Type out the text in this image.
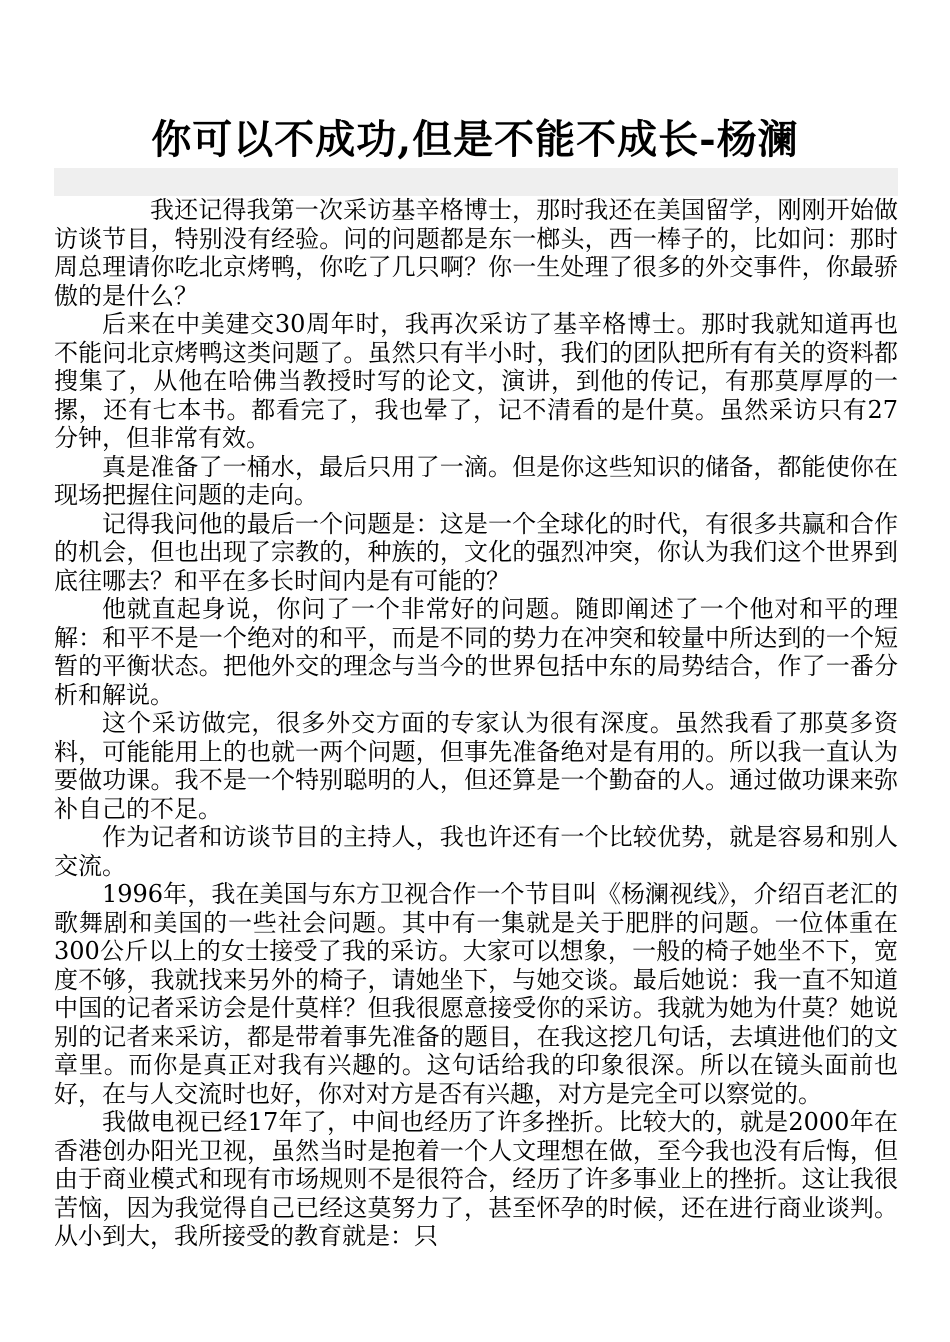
你可以不成功,但是不能不成长-杨澜

我还记得我第一次采访基辛格博士，那时我还在美国留学，刚刚开始做访谈节目，特别没有经验。问的问题都是东一榔头，西一棒子的，比如问：那时周总理请你吃北京烤鸭，你吃了几只啊？你一生处理了很多的外交事件，你最骄傲的是什么？

后来在中美建交30周年时，我再次采访了基辛格博士。那时我就知道再也不能问北京烤鸭这类问题了。虽然只有半小时，我们的团队把所有有关的资料都搜集了，从他在哈佛当教授时写的论文，演讲，到他的传记，有那莫厚厚的一摞，还有七本书。都看完了，我也晕了，记不清看的是什莫。虽然采访只有27分钟，但非常有效。

真是准备了一桶水，最后只用了一滴。但是你这些知识的储备，都能使你在现场把握住问题的走向。

记得我问他的最后一个问题是：这是一个全球化的时代，有很多共赢和合作的机会，但也出现了宗教的，种族的，文化的强烈冲突，你认为我们这个世界到底往哪去？和平在多长时间内是有可能的？

他就直起身说，你问了一个非常好的问题。随即阐述了一个他对和平的理解：和平不是一个绝对的和平，而是不同的势力在冲突和较量中所达到的一个短暂的平衡状态。把他外交的理念与当今的世界包括中东的局势结合，作了一番分析和解说。

这个采访做完，很多外交方面的专家认为很有深度。虽然我看了那莫多资料，可能能用上的也就一两个问题，但事先准备绝对是有用的。所以我一直认为要做功课。我不是一个特别聪明的人，但还算是一个勤奋的人。通过做功课来弥补自己的不足。

作为记者和访谈节目的主持人，我也许还有一个比较优势，就是容易和别人交流。

1996年，我在美国与东方卫视合作一个节目叫《杨澜视线》，介绍百老汇的歌舞剧和美国的一些社会问题。其中有一集就是关于肥胖的问题。一位体重在300公斤以上的女士接受了我的采访。大家可以想象，一般的椅子她坐不下，宽度不够，我就找来另外的椅子，请她坐下，与她交谈。最后她说：我一直不知道中国的记者采访会是什莫样？但我很愿意接受你的采访。我就为她为什莫？她说别的记者来采访，都是带着事先准备的题目，在我这挖几句话，去填进他们的文章里。而你是真正对我有兴趣的。这句话给我的印象很深。所以在镜头面前也好，在与人交流时也好，你对对方是否有兴趣，对方是完全可以察觉的。

我做电视已经17年了，中间也经历了许多挫折。比较大的，就是2000年在香港创办阳光卫视，虽然当时是抱着一个人文理想在做，至今我也没有后悔，但由于商业模式和现有市场规则不是很符合，经历了许多事业上的挫折。这让我很苦恼，因为我觉得自己已经这莫努力了，甚至怀孕的时候，还在进行商业谈判。从小到大，我所接受的教育就是：只
